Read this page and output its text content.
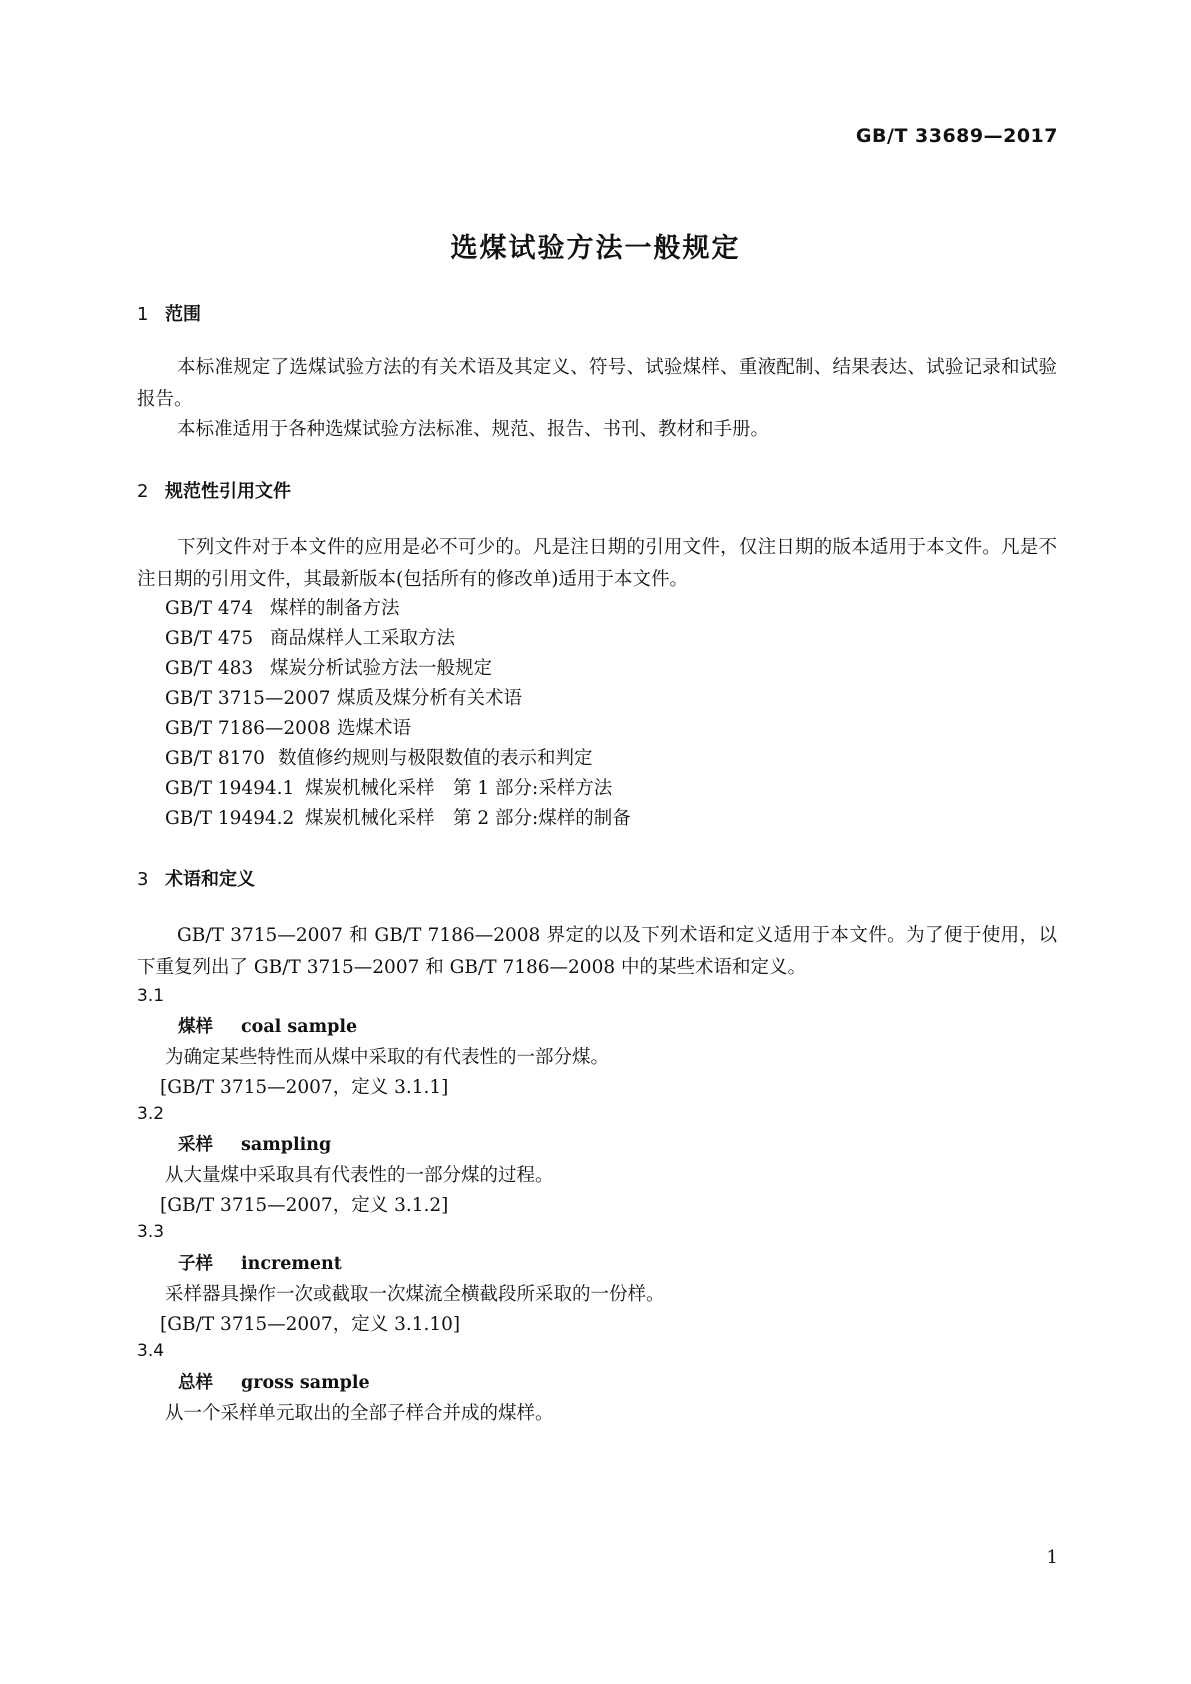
GB/T 33689—2017
选煤试验方法一般规定
1 范围

本标准规定了选煤试验方法的有关术语及其定义、符号、试验煤样、重液配制、结果表达、试验记录和试验报告。

本标准适用于各种选煤试验方法标准、规范、报告、书刊、教材和手册。

2 规范性引用文件

下列文件对于本文件的应用是必不可少的。凡是注日期的引用文件，仅注日期的版本适用于本文件。凡是不注日期的引用文件，其最新版本(包括所有的修改单)适用于本文件。

GB/T 474 煤样的制备方法
GB/T 475 商品煤样人工采取方法
GB/T 483 煤炭分析试验方法一般规定
GB/T 3715—2007 煤质及煤分析有关术语
GB/T 7186—2008 选煤术语
GB/T 8170 数值修约规则与极限数值的表示和判定
GB/T 19494.1 煤炭机械化采样　第 1 部分:采样方法
GB/T 19494.2 煤炭机械化采样　第 2 部分:煤样的制备
3 术语和定义

GB/T 3715—2007 和 GB/T 7186—2008 界定的以及下列术语和定义适用于本文件。为了便于使用，以下重复列出了 GB/T 3715—2007 和 GB/T 7186—2008 中的某些术语和定义。

3.1
煤样 coal sample
为确定某些特性而从煤中采取的有代表性的一部分煤。
[GB/T 3715—2007，定义 3.1.1]
3.2
采样 sampling
从大量煤中采取具有代表性的一部分煤的过程。
[GB/T 3715—2007，定义 3.1.2]
3.3
子样 increment
采样器具操作一次或截取一次煤流全横截段所采取的一份样。
[GB/T 3715—2007，定义 3.1.10]
3.4
总样 gross sample
从一个采样单元取出的全部子样合并成的煤样。
1
